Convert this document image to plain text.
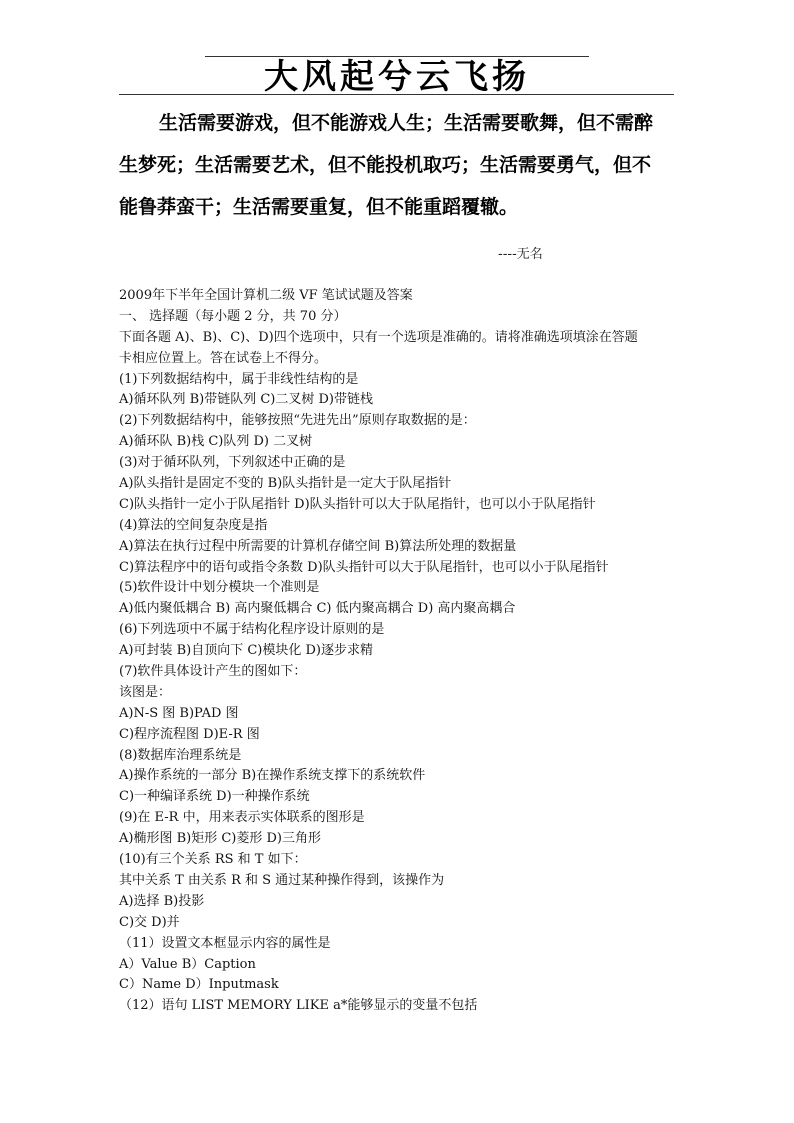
大风起兮云飞扬

生活需要游戏，但不能游戏人生；生活需要歌舞，但不需醉

生梦死；生活需要艺术，但不能投机取巧；生活需要勇气，但不

能鲁莽蛮干；生活需要重复，但不能重蹈覆辙。

----无名
2009年下半年全国计算机二级 VF 笔试试题及答案
一、 选择题（每小题 2 分，共 70 分）
下面各题 A)、B)、C)、D)四个选项中，只有一个选项是准确的。请将准确选项填涂在答题
卡相应位置上。答在试卷上不得分。
(1)下列数据结构中，属于非线性结构的是
A)循环队列 B)带链队列 C)二叉树 D)带链栈
(2)下列数据结构中，能够按照“先进先出”原则存取数据的是：
A)循环队 B)栈 C)队列 D) 二叉树
(3)对于循环队列，下列叙述中正确的是
A)队头指针是固定不变的 B)队头指针是一定大于队尾指针
C)队头指针一定小于队尾指针 D)队头指针可以大于队尾指针，也可以小于队尾指针
(4)算法的空间复杂度是指
A)算法在执行过程中所需要的计算机存储空间 B)算法所处理的数据量
C)算法程序中的语句或指令条数 D)队头指针可以大于队尾指针，也可以小于队尾指针
(5)软件设计中划分模块一个准则是
A)低内聚低耦合 B) 高内聚低耦合 C) 低内聚高耦合 D) 高内聚高耦合
(6)下列选项中不属于结构化程序设计原则的是
A)可封装 B)自顶向下 C)模块化 D)逐步求精
(7)软件具体设计产生的图如下：
该图是：
A)N-S 图 B)PAD 图
C)程序流程图 D)E-R 图
(8)数据库治理系统是
A)操作系统的一部分 B)在操作系统支撑下的系统软件
C)一种编译系统 D)一种操作系统
(9)在 E-R 中，用来表示实体联系的图形是
A)椭形图 B)矩形 C)菱形 D)三角形
(10)有三个关系 RS 和 T 如下：
其中关系 T 由关系 R 和 S 通过某种操作得到，该操作为
A)选择 B)投影
C)交 D)并
（11）设置文本框显示内容的属性是
A）Value B）Caption
C）Name D）Inputmask
（12）语句 LIST MEMORY LIKE a*能够显示的变量不包括
